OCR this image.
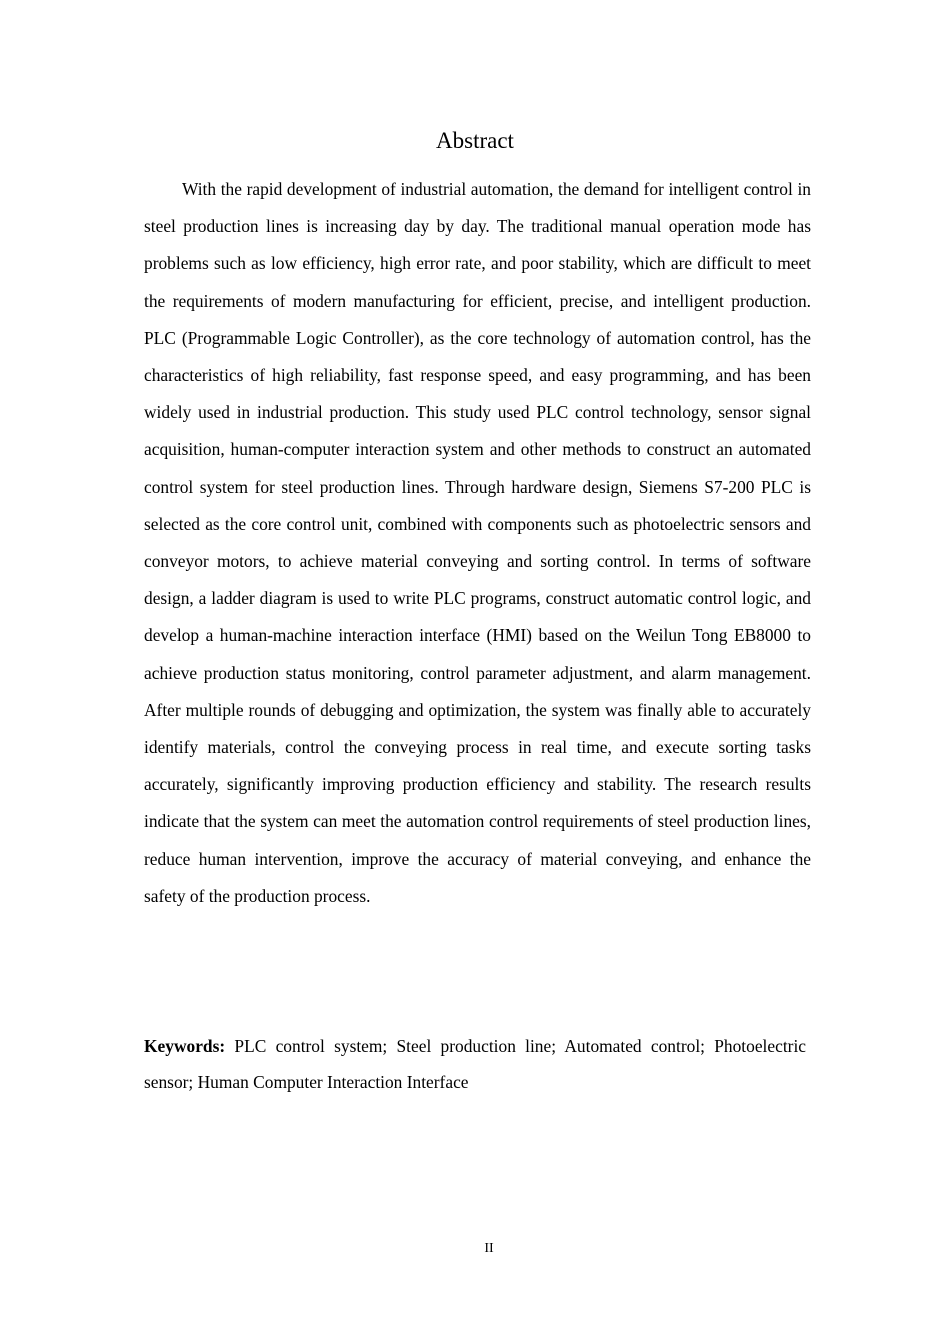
Abstract

With the rapid development of industrial automation, the demand for intelligent control in steel production lines is increasing day by day. The traditional manual operation mode has problems such as low efficiency, high error rate, and poor stability, which are difficult to meet the requirements of modern manufacturing for efficient, precise, and intelligent production. PLC (Programmable Logic Controller), as the core technology of automation control, has the characteristics of high reliability, fast response speed, and easy programming, and has been widely used in industrial production. This study used PLC control technology, sensor signal acquisition, human-computer interaction system and other methods to construct an automated control system for steel production lines. Through hardware design, Siemens S7-200 PLC is selected as the core control unit, combined with components such as photoelectric sensors and conveyor motors, to achieve material conveying and sorting control. In terms of software design, a ladder diagram is used to write PLC programs, construct automatic control logic, and develop a human-machine interaction interface (HMI) based on the Weilun Tong EB8000 to achieve production status monitoring, control parameter adjustment, and alarm management. After multiple rounds of debugging and optimization, the system was finally able to accurately identify materials, control the conveying process in real time, and execute sorting tasks accurately, significantly improving production efficiency and stability. The research results indicate that the system can meet the automation control requirements of steel production lines, reduce human intervention, improve the accuracy of material conveying, and enhance the safety of the production process.

Keywords: PLC control system; Steel production line; Automated control; Photoelectric sensor; Human Computer Interaction Interface

II
